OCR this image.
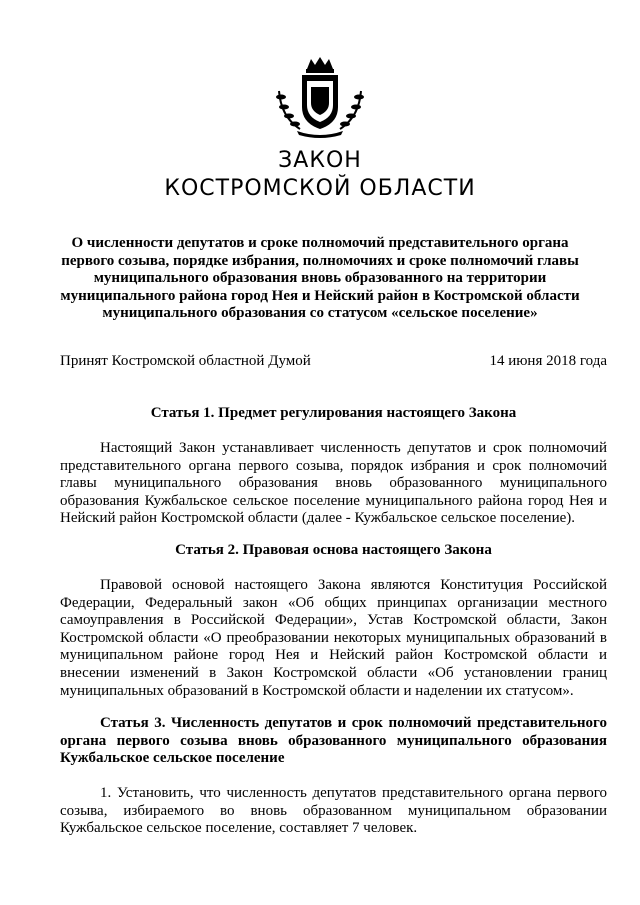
ЗАКОН
КОСТРОМСКОЙ ОБЛАСТИ

О численности депутатов и сроке полномочий представительного органа первого созыва, порядке избрания, полномочиях и сроке полномочий главы муниципального образования вновь образованного на территории муниципального района город Нея и Нейский район в Костромской области муниципального образования со статусом «сельское поселение»

Принят Костромской областной Думой	14 июня 2018 года

Статья 1. Предмет регулирования настоящего Закона

Настоящий Закон устанавливает численность депутатов и срок полномочий представительного органа первого созыва, порядок избрания и срок полномочий главы муниципального образования вновь образованного муниципального образования Кужбальское сельское поселение муниципального района город Нея и Нейский район Костромской области (далее - Кужбальское сельское поселение).

Статья 2. Правовая основа настоящего Закона

Правовой основой настоящего Закона являются Конституция Российской Федерации, Федеральный закон «Об общих принципах организации местного самоуправления в Российской Федерации», Устав Костромской области, Закон Костромской области «О преобразовании некоторых муниципальных образований в муниципальном районе город Нея и Нейский район Костромской области и внесении изменений в Закон Костромской области «Об установлении границ муниципальных образований в Костромской области и наделении их статусом».

Статья 3. Численность депутатов и срок полномочий представительного органа первого созыва вновь образованного муниципального образования Кужбальское сельское поселение

1. Установить, что численность депутатов представительного органа первого созыва, избираемого во вновь образованном муниципальном образовании Кужбальское сельское поселение, составляет 7 человек.
